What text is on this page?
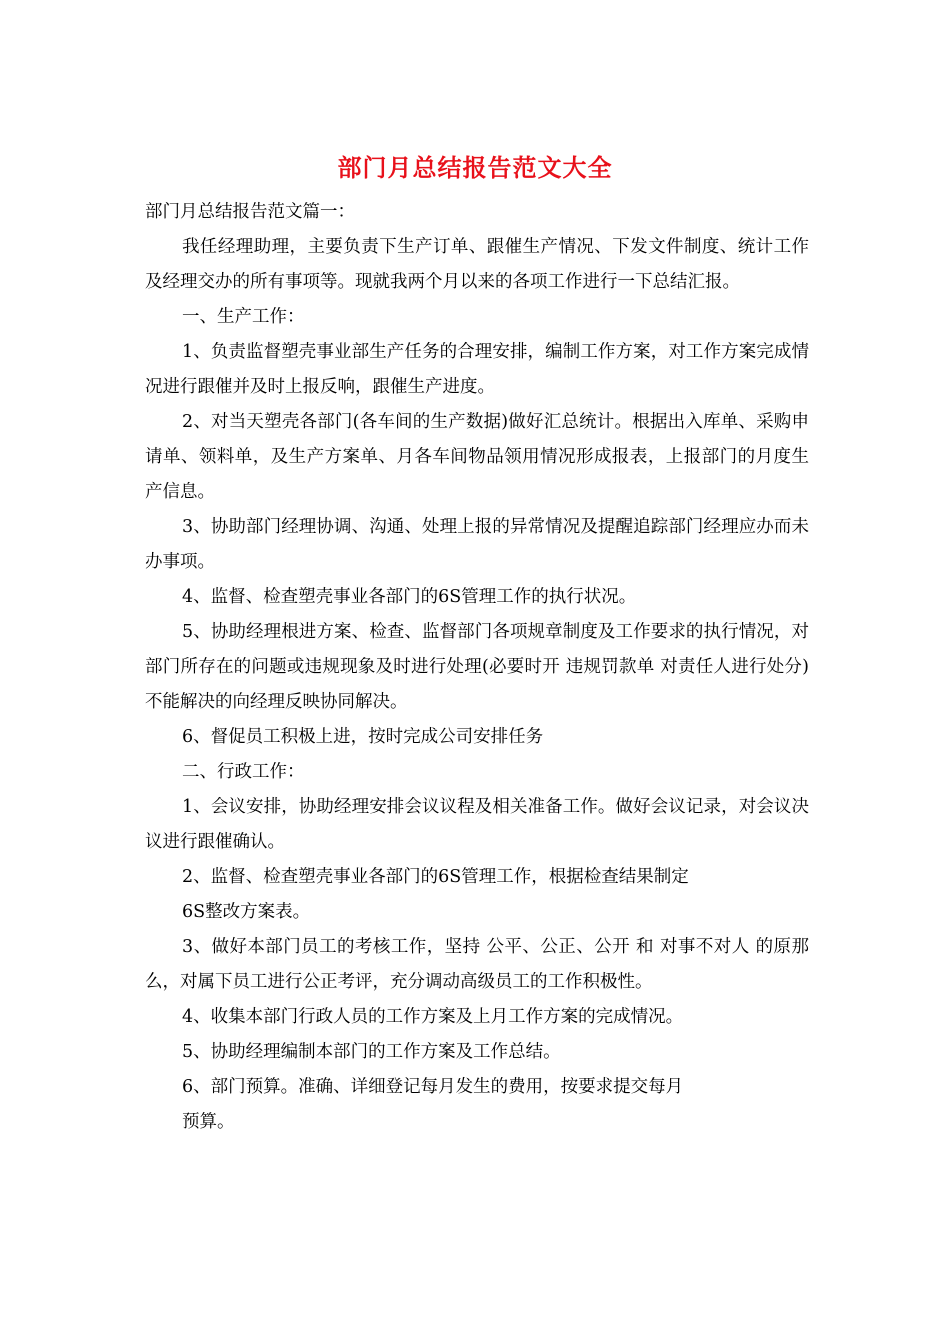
部门月总结报告范文大全

部门月总结报告范文篇一：

我任经理助理，主要负责下生产订单、跟催生产情况、下发文件制度、统计工作及经理交办的所有事项等。现就我两个月以来的各项工作进行一下总结汇报。

一、生产工作：

1、负责监督塑壳事业部生产任务的合理安排，编制工作方案，对工作方案完成情况进行跟催并及时上报反响，跟催生产进度。

2、对当天塑壳各部门(各车间的生产数据)做好汇总统计。根据出入库单、采购申请单、领料单，及生产方案单、月各车间物品领用情况形成报表，上报部门的月度生产信息。

3、协助部门经理协调、沟通、处理上报的异常情况及提醒追踪部门经理应办而未办事项。

4、监督、检查塑壳事业各部门的6S管理工作的执行状况。

5、协助经理根进方案、检查、监督部门各项规章制度及工作要求的执行情况，对部门所存在的问题或违规现象及时进行处理(必要时开 违规罚款单 对责任人进行处分)不能解决的向经理反映协同解决。

6、督促员工积极上进，按时完成公司安排任务

二、行政工作：

1、会议安排，协助经理安排会议议程及相关准备工作。做好会议记录，对会议决议进行跟催确认。

2、监督、检查塑壳事业各部门的6S管理工作，根据检查结果制定

6S整改方案表。

3、做好本部门员工的考核工作，坚持 公平、公正、公开 和 对事不对人 的原那么，对属下员工进行公正考评，充分调动高级员工的工作积极性。

4、收集本部门行政人员的工作方案及上月工作方案的完成情况。

5、协助经理编制本部门的工作方案及工作总结。

6、部门预算。准确、详细登记每月发生的费用，按要求提交每月

预算。
